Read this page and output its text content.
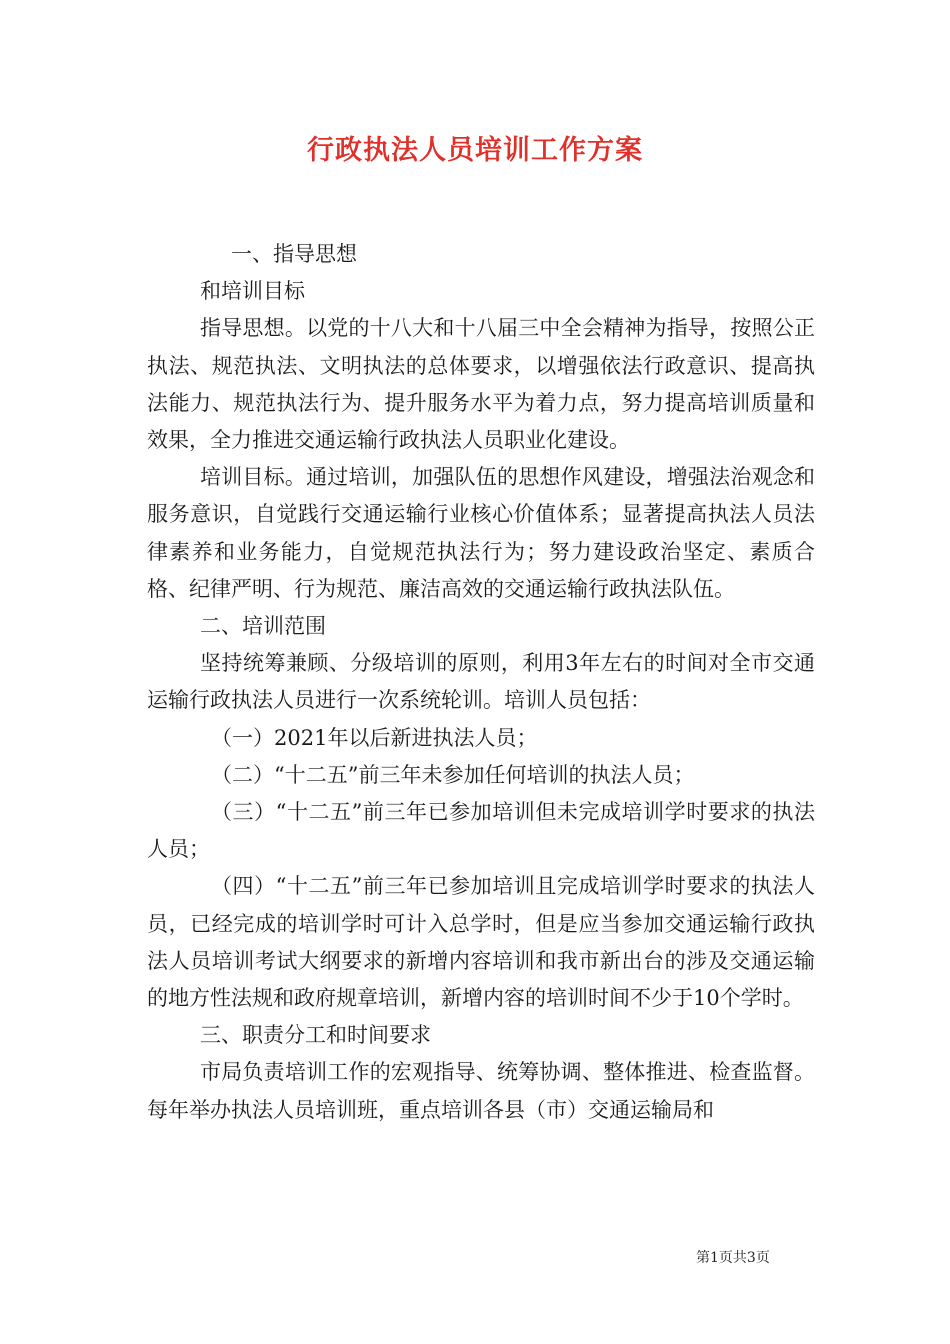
行政执法人员培训工作方案

一、指导思想

和培训目标

指导思想。以党的十八大和十八届三中全会精神为指导，按照公正执法、规范执法、文明执法的总体要求，以增强依法行政意识、提高执法能力、规范执法行为、提升服务水平为着力点，努力提高培训质量和效果，全力推进交通运输行政执法人员职业化建设。

培训目标。通过培训，加强队伍的思想作风建设，增强法治观念和服务意识，自觉践行交通运输行业核心价值体系；显著提高执法人员法律素养和业务能力，自觉规范执法行为；努力建设政治坚定、素质合格、纪律严明、行为规范、廉洁高效的交通运输行政执法队伍。

二、培训范围

坚持统筹兼顾、分级培训的原则，利用3年左右的时间对全市交通运输行政执法人员进行一次系统轮训。培训人员包括：

（一）2021年以后新进执法人员；

（二）“十二五”前三年未参加任何培训的执法人员；

（三）“十二五”前三年已参加培训但未完成培训学时要求的执法人员；

（四）“十二五”前三年已参加培训且完成培训学时要求的执法人员，已经完成的培训学时可计入总学时，但是应当参加交通运输行政执法人员培训考试大纲要求的新增内容培训和我市新出台的涉及交通运输的地方性法规和政府规章培训，新增内容的培训时间不少于10个学时。

三、职责分工和时间要求

市局负责培训工作的宏观指导、统筹协调、整体推进、检查监督。每年举办执法人员培训班，重点培训各县（市）交通运输局和

第1页共3页
